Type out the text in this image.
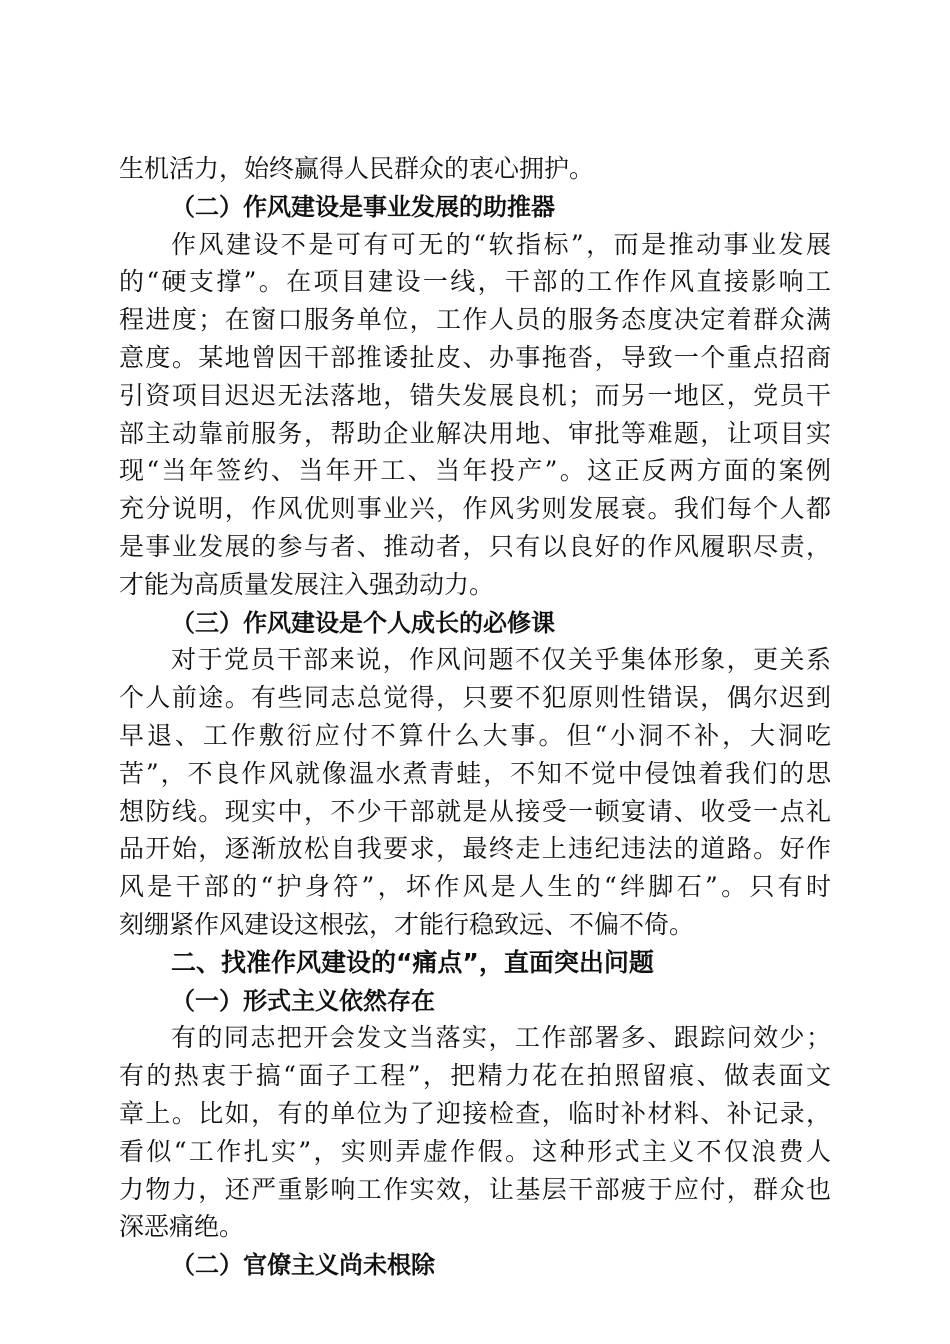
生机活力，始终赢得人民群众的衷心拥护。
（二）作风建设是事业发展的助推器
作风建设不是可有可无的“软指标”，而是推动事业发展
的“硬支撑”。在项目建设一线，干部的工作作风直接影响工
程进度；在窗口服务单位，工作人员的服务态度决定着群众满
意度。某地曾因干部推诿扯皮、办事拖沓，导致一个重点招商
引资项目迟迟无法落地，错失发展良机；而另一地区，党员干
部主动靠前服务，帮助企业解决用地、审批等难题，让项目实
现“当年签约、当年开工、当年投产”。这正反两方面的案例
充分说明，作风优则事业兴，作风劣则发展衰。我们每个人都
是事业发展的参与者、推动者，只有以良好的作风履职尽责，
才能为高质量发展注入强劲动力。
（三）作风建设是个人成长的必修课
对于党员干部来说，作风问题不仅关乎集体形象，更关系
个人前途。有些同志总觉得，只要不犯原则性错误，偶尔迟到
早退、工作敷衍应付不算什么大事。但“小洞不补，大洞吃
苦”，不良作风就像温水煮青蛙，不知不觉中侵蚀着我们的思
想防线。现实中，不少干部就是从接受一顿宴请、收受一点礼
品开始，逐渐放松自我要求，最终走上违纪违法的道路。好作
风是干部的“护身符”，坏作风是人生的“绊脚石”。只有时
刻绷紧作风建设这根弦，才能行稳致远、不偏不倚。
二、找准作风建设的“痛点”，直面突出问题
（一）形式主义依然存在
有的同志把开会发文当落实，工作部署多、跟踪问效少；
有的热衷于搞“面子工程”，把精力花在拍照留痕、做表面文
章上。比如，有的单位为了迎接检查，临时补材料、补记录，
看似“工作扎实”，实则弄虚作假。这种形式主义不仅浪费人
力物力，还严重影响工作实效，让基层干部疲于应付，群众也
深恶痛绝。
（二）官僚主义尚未根除
